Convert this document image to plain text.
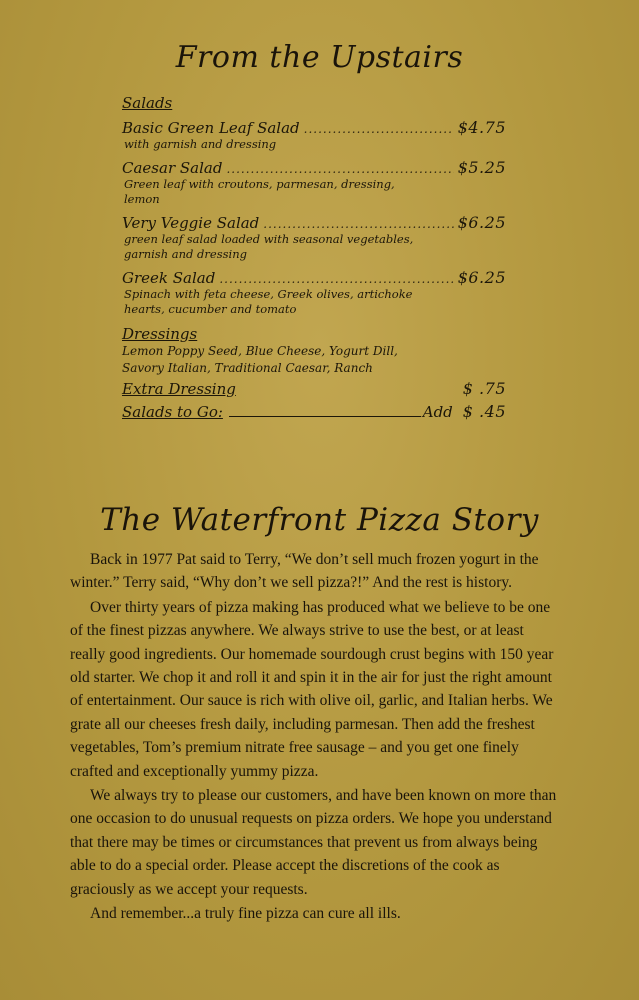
From the Upstairs
Salads
Basic Green Leaf Salad .....	$4.75
with garnish and dressing
Caesar Salad .....	$5.25
Green leaf with croutons, parmesan, dressing, lemon
Very Veggie Salad .....	$6.25
green leaf salad loaded with seasonal vegetables, garnish and dressing
Greek Salad .....	$6.25
Spinach with feta cheese, Greek olives, artichoke hearts, cucumber and tomato
Dressings
Lemon Poppy Seed, Blue Cheese, Yogurt Dill, Savory Italian, Traditional Caesar, Ranch
Extra Dressing	$ .75
Salads to Go:	Add $ .45
The Waterfront Pizza Story

Back in 1977 Pat said to Terry, “We don’t sell much frozen yogurt in the winter.” Terry said, “Why don’t we sell pizza?!” And the rest is history.

Over thirty years of pizza making has produced what we believe to be one of the finest pizzas anywhere. We always strive to use the best, or at least really good ingredients. Our homemade sourdough crust begins with 150 year old starter. We chop it and roll it and spin it in the air for just the right amount of entertainment. Our sauce is rich with olive oil, garlic, and Italian herbs. We grate all our cheeses fresh daily, including parmesan. Then add the freshest vegetables, Tom’s premium nitrate free sausage – and you get one finely crafted and exceptionally yummy pizza.

We always try to please our customers, and have been known on more than one occasion to do unusual requests on pizza orders. We hope you understand that there may be times or circumstances that prevent us from always being able to do a special order. Please accept the discretions of the cook as graciously as we accept your requests.

And remember...a truly fine pizza can cure all ills.
